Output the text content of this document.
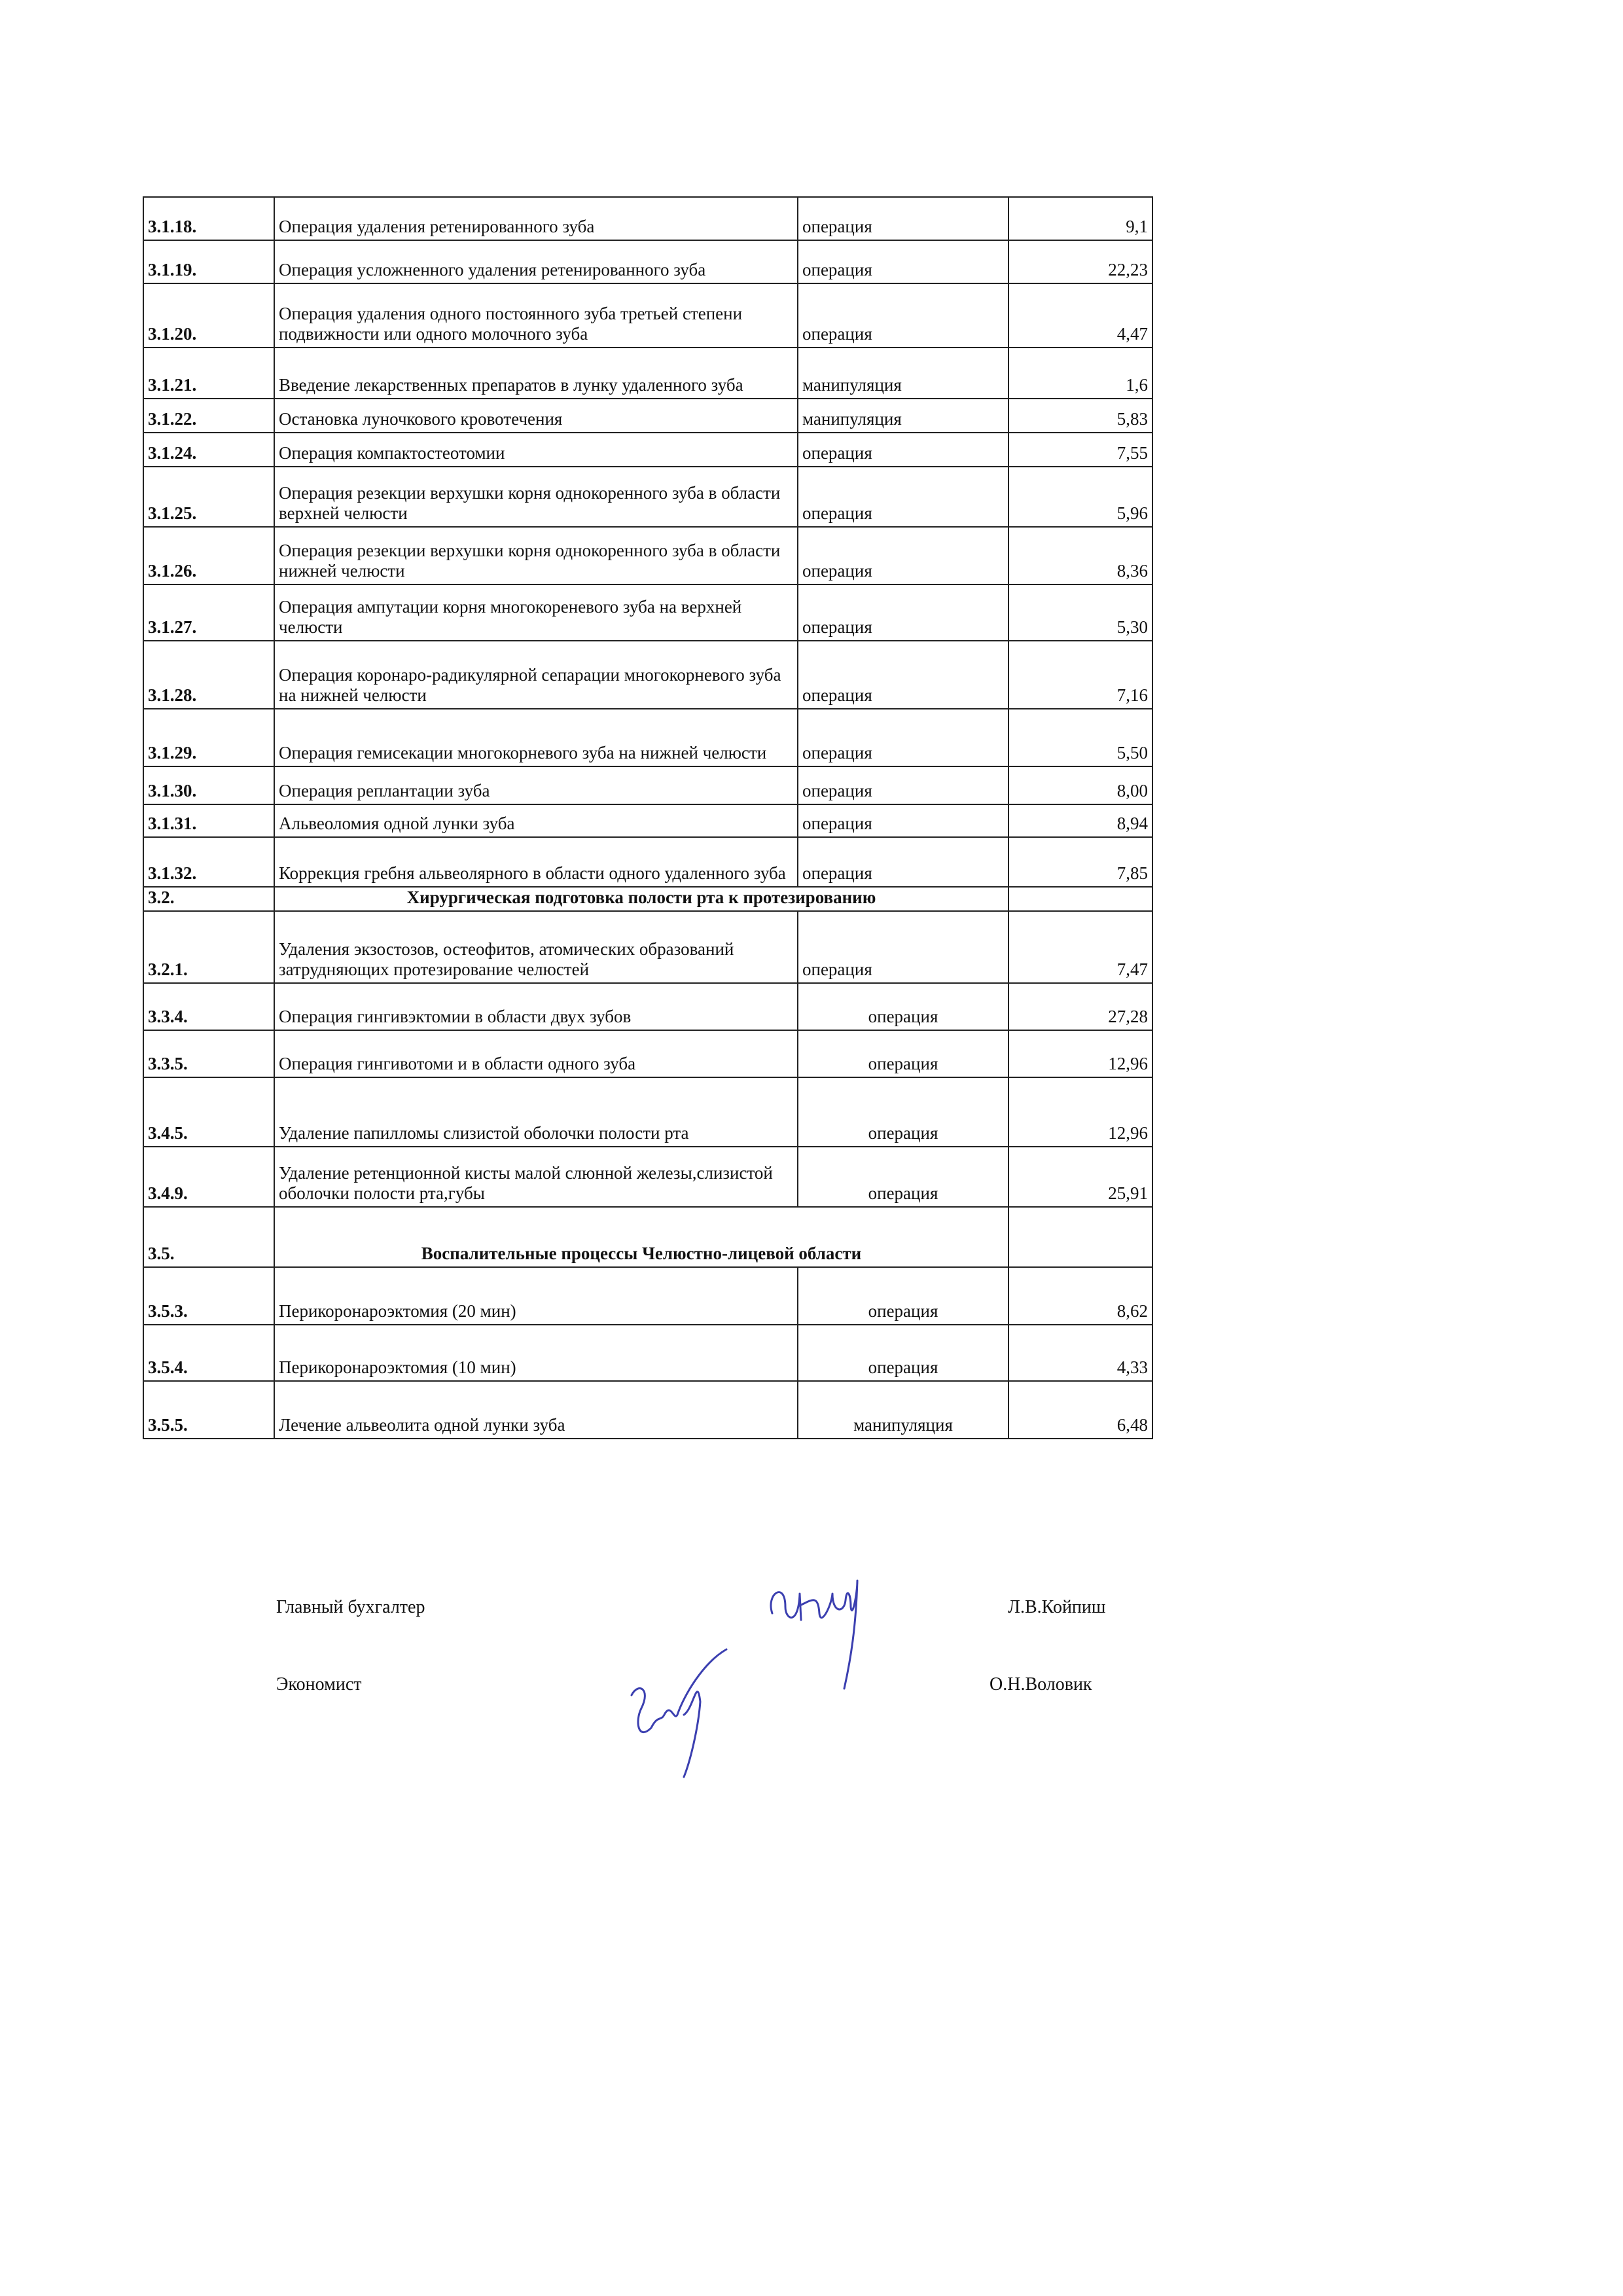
3.1.18.	Операция удаления ретенированного зуба	операция	9,1
3.1.19.	Операция усложненного удаления ретенированного зуба	операция	22,23
3.1.20.	Операция удаления одного постоянного зуба третьей степени подвижности или одного молочного зуба	операция	4,47
3.1.21.	Введение лекарственных препаратов в лунку удаленного зуба	манипуляция	1,6
3.1.22.	Остановка луночкового кровотечения	манипуляция	5,83
3.1.24.	Операция компактостеотомии	операция	7,55
3.1.25.	Операция резекции верхушки корня однокоренного зуба в области верхней челюсти	операция	5,96
3.1.26.	Операция резекции верхушки корня однокоренного зуба в области нижней челюсти	операция	8,36
3.1.27.	Операция ампутации корня многокореневого зуба на верхней челюсти	операция	5,30
3.1.28.	Операция коронаро-радикулярной сепарации многокорневого зуба на нижней челюсти	операция	7,16
3.1.29.	Операция гемисекации многокорневого зуба на нижней челюсти	операция	5,50
3.1.30.	Операция реплантации зуба	операция	8,00
3.1.31.	Альвеоломия одной лунки зуба	операция	8,94
3.1.32.	Коррекция гребня альвеолярного в области одного удаленного зуба	операция	7,85
3.2.	Хирургическая подготовка полости рта к протезированию		
3.2.1.	Удаления экзостозов, остеофитов, атомических образований затрудняющих протезирование челюстей	операция	7,47
3.3.4.	Операция гингивэктомии в области двух зубов	операция	27,28
3.3.5.	Операция гингивотоми и в области одного зуба	операция	12,96
3.4.5.	Удаление папилломы слизистой оболочки полости рта	операция	12,96
3.4.9.	Удаление ретенционной кисты малой слюнной железы,слизистой оболочки полости рта,губы	операция	25,91
3.5.	Воспалительные процессы Челюстно-лицевой области		
3.5.3.	Перикоронароэктомия (20 мин)	операция	8,62
3.5.4.	Перикоронароэктомия (10 мин)	операция	4,33
3.5.5.	Лечение альвеолита одной лунки зуба	манипуляция	6,48
Главный бухгалтер	Л.В.Койпиш
Экономист	О.Н.Воловик
